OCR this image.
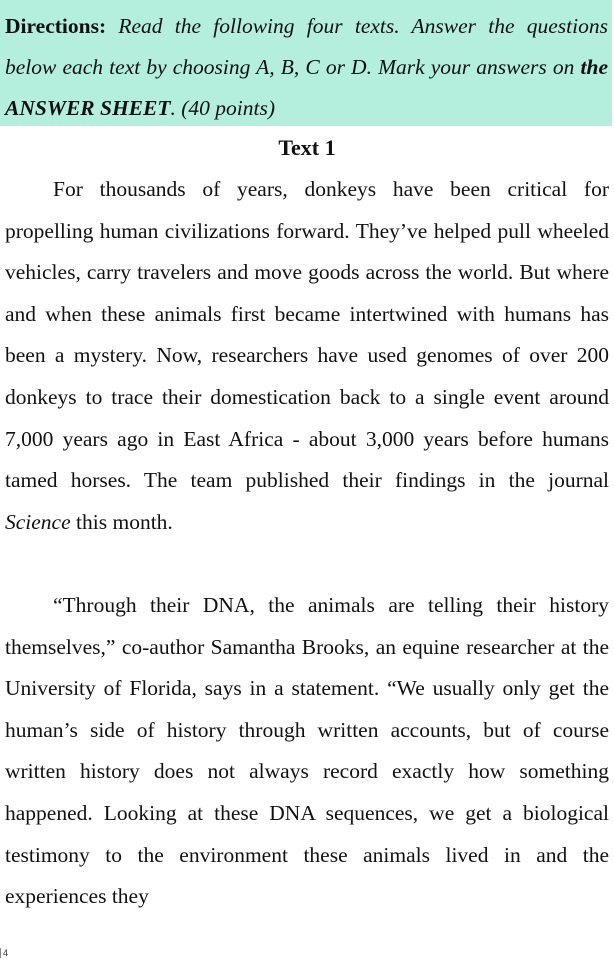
Directions: Read the following four texts. Answer the questions below each text by choosing A, B, C or D. Mark your answers on the ANSWER SHEET. (40 points)
Text 1

For thousands of years, donkeys have been critical for propelling human civilizations forward. They’ve helped pull wheeled vehicles, carry travelers and move goods across the world. But where and when these animals first became intertwined with humans has been a mystery. Now, researchers have used genomes of over 200 donkeys to trace their domestication back to a single event around 7,000 years ago in East Africa - about 3,000 years before humans tamed horses. The team published their findings in the journal Science this month.

“Through their DNA, the animals are telling their history themselves,” co-author Samantha Brooks, an equine researcher at the University of Florida, says in a statement. “We usually only get the human’s side of history through written accounts, but of course written history does not always record exactly how something happened. Looking at these DNA sequences, we get a biological testimony to the environment these animals lived in and the experiences they

4
